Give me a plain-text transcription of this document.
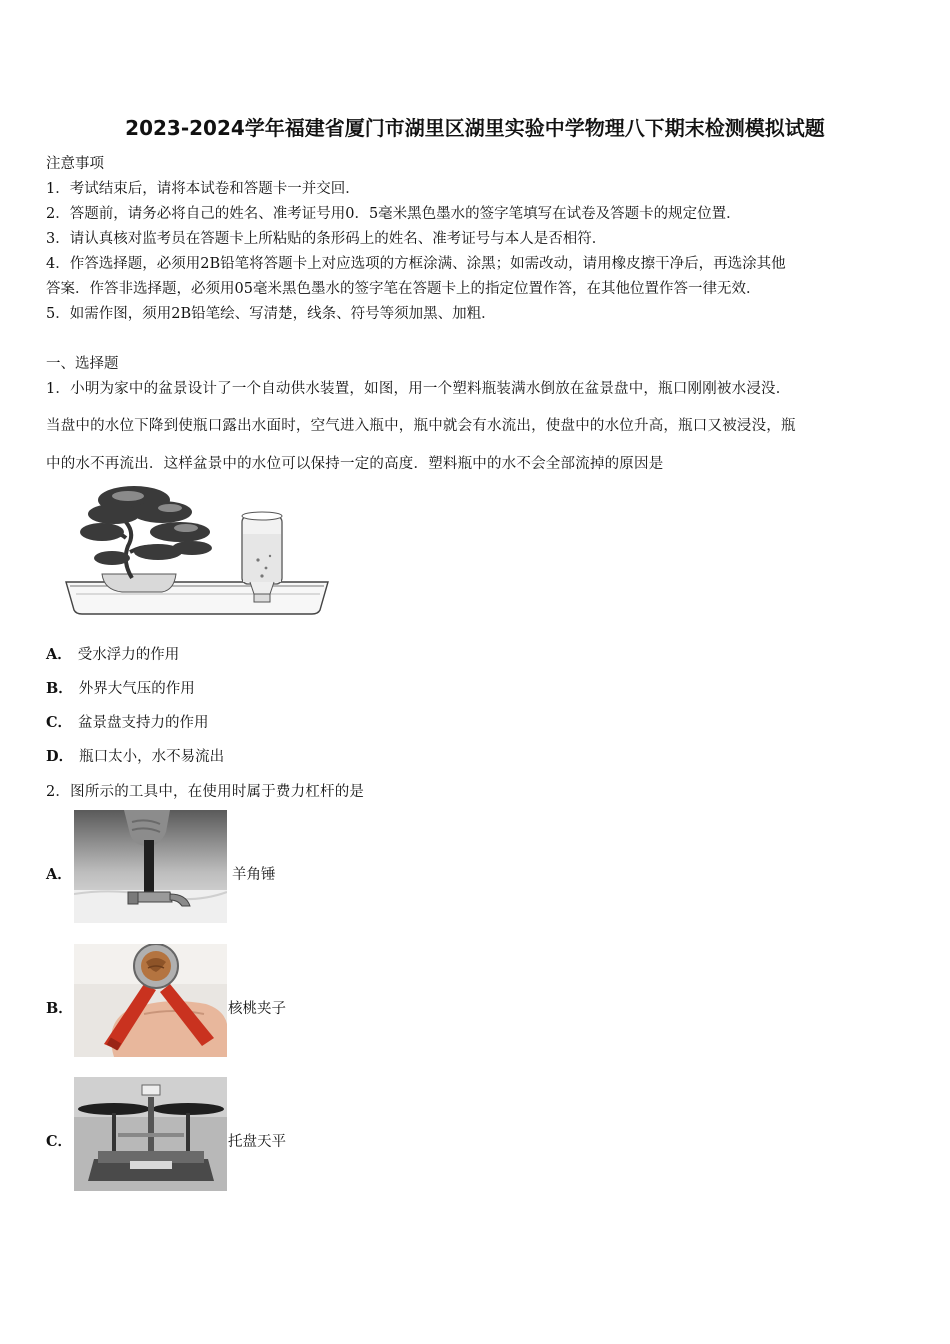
2023-2024学年福建省厦门市湖里区湖里实验中学物理八下期末检测模拟试题
注意事项
1．考试结束后，请将本试卷和答题卡一并交回．
2．答题前，请务必将自己的姓名、准考证号用0．5毫米黑色墨水的签字笔填写在试卷及答题卡的规定位置．
3．请认真核对监考员在答题卡上所粘贴的条形码上的姓名、准考证号与本人是否相符．
4．作答选择题，必须用2B铅笔将答题卡上对应选项的方框涂满、涂黑；如需改动，请用橡皮擦干净后，再选涂其他
答案．作答非选择题，必须用05毫米黑色墨水的签字笔在答题卡上的指定位置作答，在其他位置作答一律无效．
5．如需作图，须用2B铅笔绘、写清楚，线条、符号等须加黑、加粗．
一、选择题
1．小明为家中的盆景设计了一个自动供水装置，如图，用一个塑料瓶装满水倒放在盆景盘中，瓶口刚刚被水浸没．
当盘中的水位下降到使瓶口露出水面时，空气进入瓶中，瓶中就会有水流出，使盘中的水位升高，瓶口又被浸没，瓶
中的水不再流出．这样盆景中的水位可以保持一定的高度．塑料瓶中的水不会全部流掉的原因是
A． 受水浮力的作用
B． 外界大气压的作用
C． 盆景盘支持力的作用
D． 瓶口太小，水不易流出
2．图所示的工具中，在使用时属于费力杠杆的是
A．	羊角锤
B．	核桃夹子
C．	托盘天平
